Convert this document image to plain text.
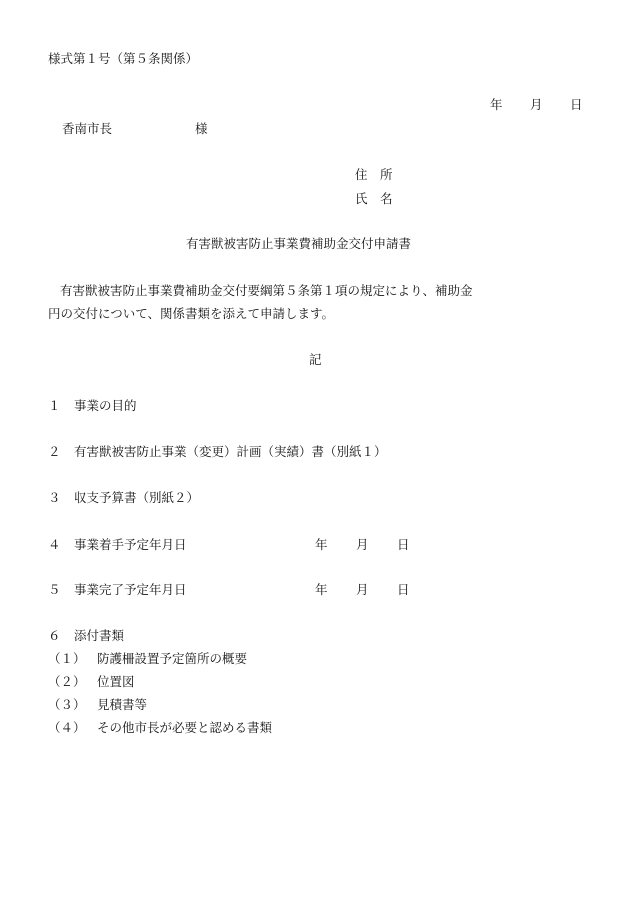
様式第１号（第５条関係）
年 月 日
香南市長	様
住　所
氏　名
有害獣被害防止事業費補助金交付申請書
有害獣被害防止事業費補助金交付要綱第５条第１項の規定により、補助金
円の交付について、関係書類を添えて申請します。
記
１ 事業の目的
２ 有害獣被害防止事業（変更）計画（実績）書（別紙１）
３ 収支予算書（別紙２）
４ 事業着手予定年月日	年 月 日
５ 事業完了予定年月日	年 月 日
６ 添付書類
（１） 防護柵設置予定箇所の概要
（２） 位置図
（３） 見積書等
（４） その他市長が必要と認める書類
